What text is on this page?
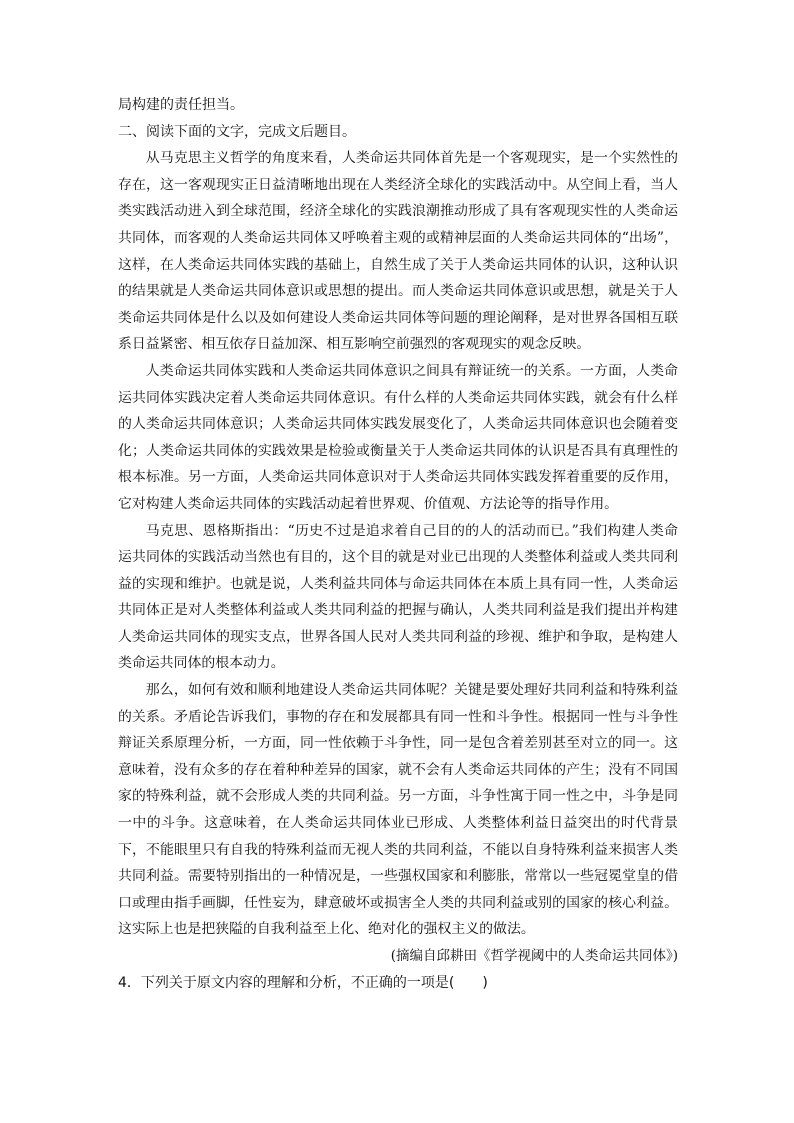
局构建的责任担当。

二、阅读下面的文字，完成文后题目。

从马克思主义哲学的角度来看，人类命运共同体首先是一个客观现实，是一个实然性的存在，这一客观现实正日益清晰地出现在人类经济全球化的实践活动中。从空间上看，当人类实践活动进入到全球范围，经济全球化的实践浪潮推动形成了具有客观现实性的人类命运共同体，而客观的人类命运共同体又呼唤着主观的或精神层面的人类命运共同体的“出场”，这样，在人类命运共同体实践的基础上，自然生成了关于人类命运共同体的认识，这种认识的结果就是人类命运共同体意识或思想的提出。而人类命运共同体意识或思想，就是关于人类命运共同体是什么以及如何建设人类命运共同体等问题的理论阐释，是对世界各国相互联系日益紧密、相互依存日益加深、相互影响空前强烈的客观现实的观念反映。

人类命运共同体实践和人类命运共同体意识之间具有辩证统一的关系。一方面，人类命运共同体实践决定着人类命运共同体意识。有什么样的人类命运共同体实践，就会有什么样的人类命运共同体意识；人类命运共同体实践发展变化了，人类命运共同体意识也会随着变化；人类命运共同体的实践效果是检验或衡量关于人类命运共同体的认识是否具有真理性的根本标准。另一方面，人类命运共同体意识对于人类命运共同体实践发挥着重要的反作用，它对构建人类命运共同体的实践活动起着世界观、价值观、方法论等的指导作用。

马克思、恩格斯指出：“历史不过是追求着自己目的的人的活动而已。”我们构建人类命运共同体的实践活动当然也有目的，这个目的就是对业已出现的人类整体利益或人类共同利益的实现和维护。也就是说，人类利益共同体与命运共同体在本质上具有同一性，人类命运共同体正是对人类整体利益或人类共同利益的把握与确认，人类共同利益是我们提出并构建人类命运共同体的现实支点，世界各国人民对人类共同利益的珍视、维护和争取，是构建人类命运共同体的根本动力。

那么，如何有效和顺利地建设人类命运共同体呢？关键是要处理好共同利益和特殊利益的关系。矛盾论告诉我们，事物的存在和发展都具有同一性和斗争性。根据同一性与斗争性辩证关系原理分析，一方面，同一性依赖于斗争性，同一是包含着差别甚至对立的同一。这意味着，没有众多的存在着种种差异的国家，就不会有人类命运共同体的产生；没有不同国家的特殊利益，就不会形成人类的共同利益。另一方面，斗争性寓于同一性之中，斗争是同一中的斗争。这意味着，在人类命运共同体业已形成、人类整体利益日益突出的时代背景下，不能眼里只有自我的特殊利益而无视人类的共同利益，不能以自身特殊利益来损害人类共同利益。需要特别指出的一种情况是，一些强权国家和利膨胀，常常以一些冠冕堂皇的借口或理由指手画脚，任性妄为，肆意破坏或损害全人类的共同利益或别的国家的核心利益。这实际上也是把狭隘的自我利益至上化、绝对化的强权主义的做法。

(摘编自邱耕田《哲学视阈中的人类命运共同体》)

4．下列关于原文内容的理解和分析，不正确的一项是(　　)
